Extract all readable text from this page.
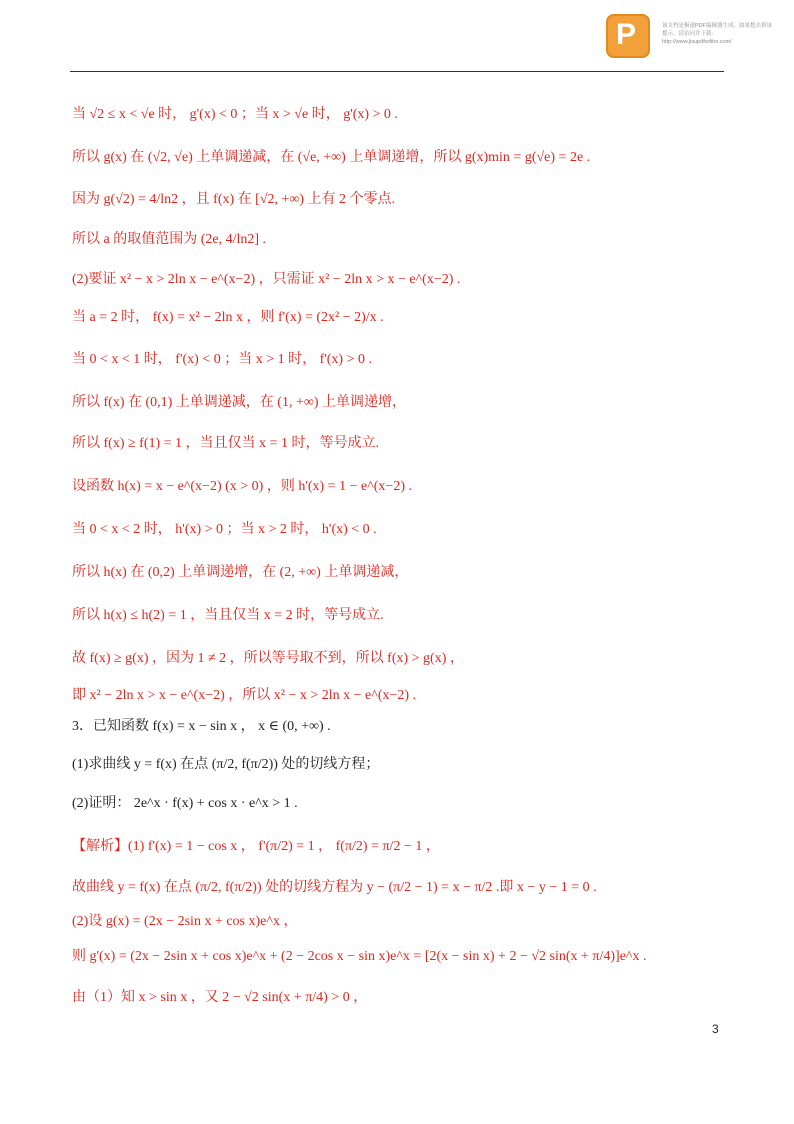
P	该文档是极速PDF编辑器生成，如果想去掉该提示，请访问并下载：http://www.jisupdfeditor.com/
当 √2 ≤ x < √e 时， g'(x) < 0 ；当 x > √e 时， g'(x) > 0 .
所以 g(x) 在 (√2, √e) 上单调递减，在 (√e, +∞) 上单调递增，所以 g(x)min = g(√e) = 2e .
因为 g(√2) = 4/ln2 ，且 f(x) 在 [√2, +∞) 上有 2 个零点.
所以 a 的取值范围为 (2e, 4/ln2] .
(2)要证 x² − x > 2ln x − e^(x−2) ，只需证 x² − 2ln x > x − e^(x−2) .
当 a = 2 时， f(x) = x² − 2ln x ，则 f'(x) = (2x² − 2)/x .
当 0 < x < 1 时， f'(x) < 0 ；当 x > 1 时， f'(x) > 0 .
所以 f(x) 在 (0,1) 上单调递减，在 (1, +∞) 上单调递增，
所以 f(x) ≥ f(1) = 1 ，当且仅当 x = 1 时，等号成立.
设函数 h(x) = x − e^(x−2) (x > 0) ，则 h'(x) = 1 − e^(x−2) .
当 0 < x < 2 时， h'(x) > 0 ；当 x > 2 时， h'(x) < 0 .
所以 h(x) 在 (0,2) 上单调递增，在 (2, +∞) 上单调递减，
所以 h(x) ≤ h(2) = 1 ，当且仅当 x = 2 时，等号成立.
故 f(x) ≥ g(x) ，因为 1 ≠ 2 ，所以等号取不到，所以 f(x) > g(x) ，
即 x² − 2ln x > x − e^(x−2) ，所以 x² − x > 2ln x − e^(x−2) .
3．已知函数 f(x) = x − sin x ， x ∈ (0, +∞) .
(1)求曲线 y = f(x) 在点 (π/2, f(π/2)) 处的切线方程；
(2)证明： 2e^x · f(x) + cos x · e^x > 1 .
【解析】(1) f'(x) = 1 − cos x ， f'(π/2) = 1 ， f(π/2) = π/2 − 1 ，
故曲线 y = f(x) 在点 (π/2, f(π/2)) 处的切线方程为 y − (π/2 − 1) = x − π/2 .即 x − y − 1 = 0 .
(2)设 g(x) = (2x − 2sin x + cos x)e^x ，
则 g'(x) = (2x − 2sin x + cos x)e^x + (2 − 2cos x − sin x)e^x = [2(x − sin x) + 2 − √2 sin(x + π/4)]e^x .
由（1）知 x > sin x ，又 2 − √2 sin(x + π/4) > 0 ，
3
